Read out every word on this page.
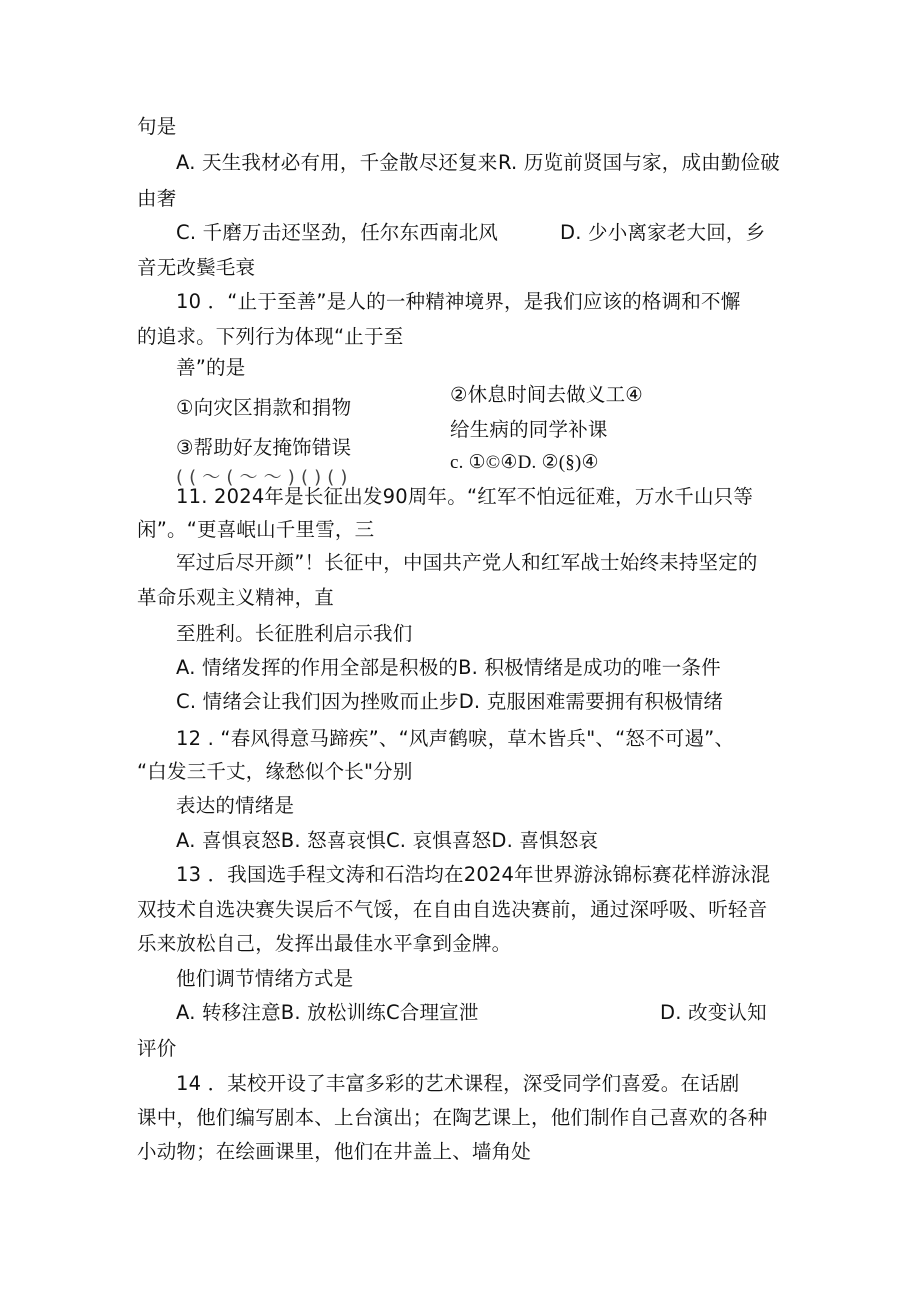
句是
A. 天生我材必有用，千金散尽还复来 R. 历览前贤国与家，成由勤俭破
由奢
C. 千磨万击还坚劲，任尔东西南北风	D. 少小离家老大回，乡
音无改鬓毛衰
10 ．“止于至善”是人的一种精神境界，是我们应该的格调和不懈
的追求。下列行为体现“止于至
善”的是
①向灾区捐款和捐物
②休息时间去做义工④
③帮助好友掩饰错误
给生病的同学补课
( ( ～ ( ～ ～ ) ( ) ( )
c. ①©④D. ②(§)④
11. 2024年是长征出发90周年。“红军不怕远征难，万水千山只等
闲”。“更喜岷山千里雪，三
军过后尽开颜”！长征中，中国共产党人和红军战士始终耒持坚定的
革命乐观主义精神，直
至胜利。长征胜利启示我们
A. 情绪发挥的作用全部是积极的B. 积极情绪是成功的唯一条件
C. 情绪会让我们因为挫败而止步D. 克服困难需要拥有积极情绪
12 . “春风得意马蹄疾”、“风声鹤唳，草木皆兵"、“怒不可遏”、
“白发三千丈，缘愁似个长"分别
表达的情绪是
A. 喜惧哀怒B. 怒喜哀惧C. 哀惧喜怒D. 喜惧怒哀
13 ．我国选手程文涛和石浩均在2024年世界游泳锦标赛花样游泳混
双技术自选决赛失误后不气馁，在自由自选决赛前，通过深呼吸、听轻音
乐来放松自己，发挥出最佳水平拿到金牌。
他们调节情绪方式是
A. 转移注意B. 放松训练C合理宣泄	D. 改变认知
评价
14 ．某校开设了丰富多彩的艺术课程，深受同学们喜爱。在话剧
课中，他们编写剧本、上台演出；在陶艺课上，他们制作自己喜欢的各种
小动物；在绘画课里，他们在井盖上、墙角处
